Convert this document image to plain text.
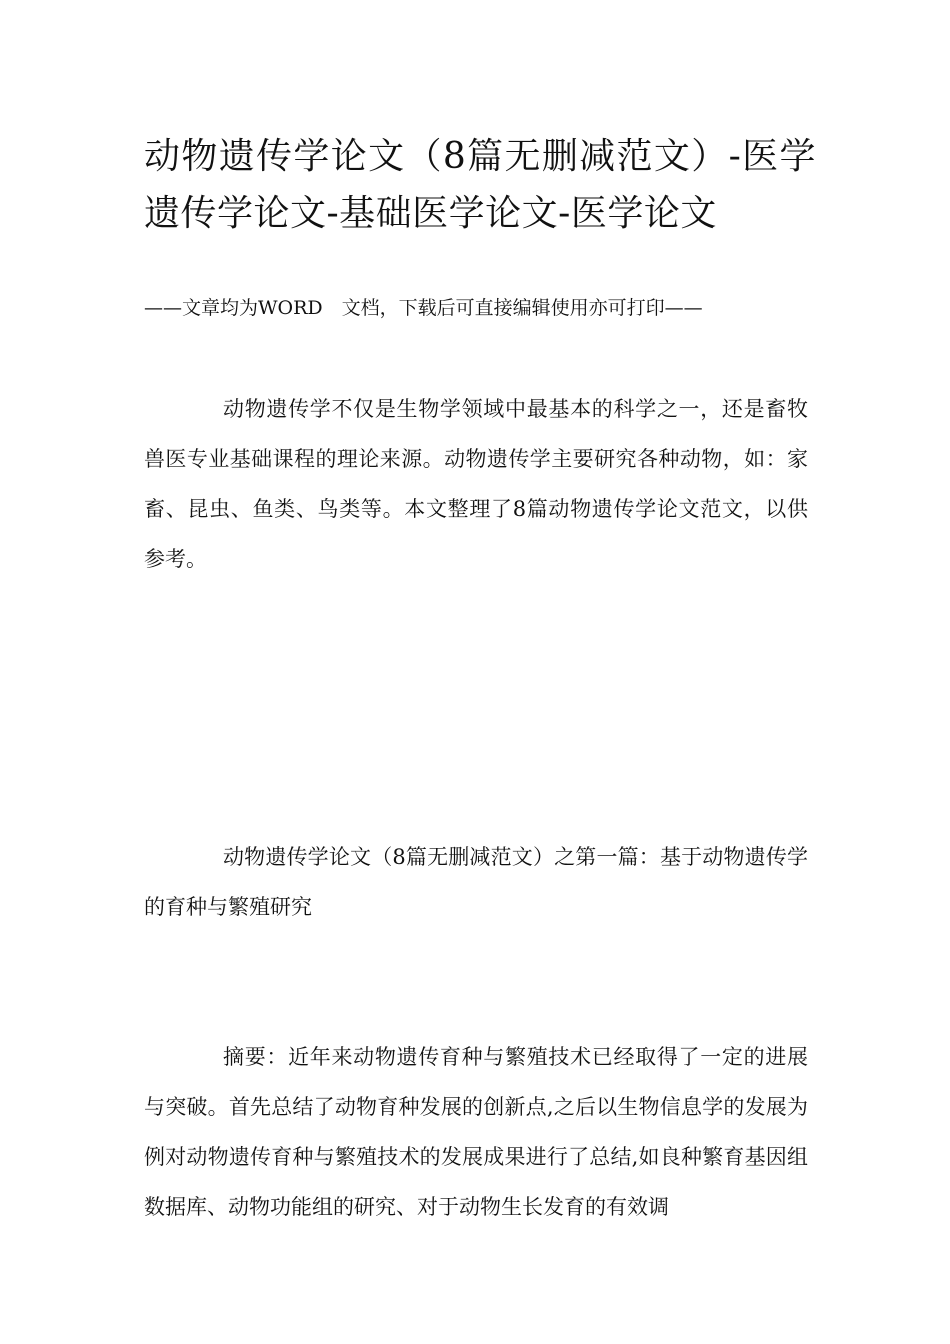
动物遗传学论文（8篇无删减范文）-医学遗传学论文-基础医学论文-医学论文

——文章均为WORD　文档，下载后可直接编辑使用亦可打印——

动物遗传学不仅是生物学领域中最基本的科学之一，还是畜牧兽医专业基础课程的理论来源。动物遗传学主要研究各种动物，如：家畜、昆虫、鱼类、鸟类等。本文整理了8篇动物遗传学论文范文，以供参考。

动物遗传学论文（8篇无删减范文）之第一篇：基于动物遗传学的育种与繁殖研究

摘要：近年来动物遗传育种与繁殖技术已经取得了一定的进展与突破。首先总结了动物育种发展的创新点,之后以生物信息学的发展为例对动物遗传育种与繁殖技术的发展成果进行了总结,如良种繁育基因组数据库、动物功能组的研究、对于动物生长发育的有效调
